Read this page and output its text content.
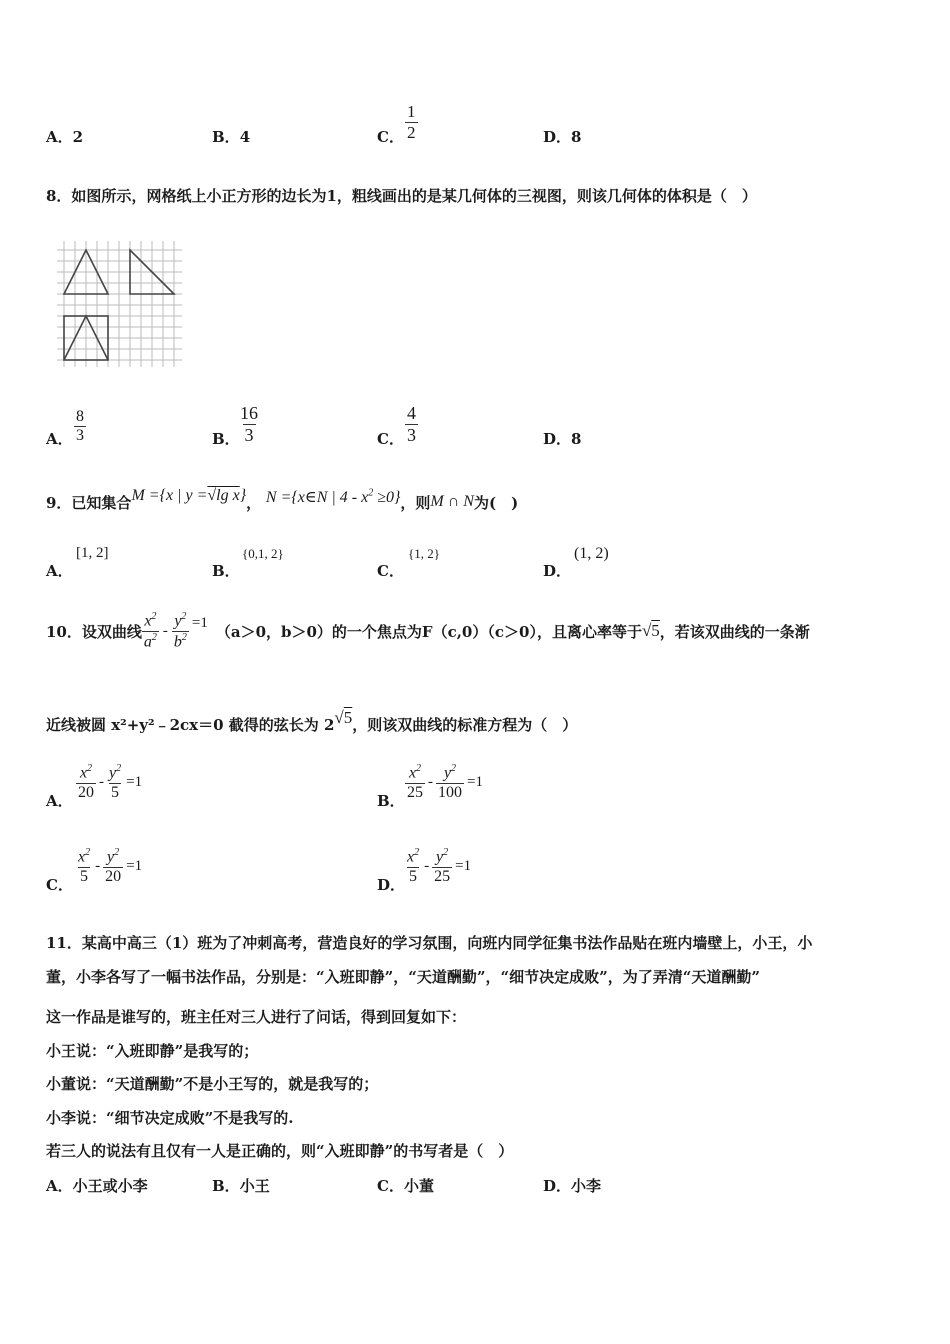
A．2	B．4	C． $\frac{1}{2}$	D．8
8．如图所示，网格纸上小正方形的边长为1，粗线画出的是某几何体的三视图，则该几何体的体积是（　）
A． $\frac{8}{3}$	B．
$\frac{16}{3}$	C． $\frac{4}{3}$	D．8
9．已知集合M ={x | y =√lg x}， N ={x∈N | $4 - x^2 \ge 0$}，则M ∩ N为(　)
A．
[1, 2]
B．
{0,1, 2}
C．
{1, 2}
D．
(1, 2)
10．设双曲线 $\frac{x^2}{a^2} - \frac{y^2}{b^2} =1$ （a＞0，b＞0）的一个焦点为F（c,0）（c＞0），且离心率等于 √5 ，若该双曲线的一条渐
近线被圆 x²+y²﹣2cx＝0 截得的弦长为 2 √5 ，则该双曲线的标准方程为（　）
A． $\frac{x^2}{20} - \frac{y^2}{5} =1$
B． $\frac{x^2}{25} - \frac{y^2}{100} =1$
C． $\frac{x^2}{5} - \frac{y^2}{20} =1$
D． $\frac{x^2}{5} - \frac{y^2}{25} =1$
11．某高中高三（1）班为了冲刺高考，营造良好的学习氛围，向班内同学征集书法作品贴在班内墙壁上，小王，小
董，小李各写了一幅书法作品，分别是：“入班即静”，“天道酬勤”，“细节决定成败”，为了弄清“天道酬勤”
这一作品是谁写的，班主任对三人进行了问话，得到回复如下：
小王说：“入班即静”是我写的；
小董说：“天道酬勤”不是小王写的，就是我写的；
小李说：“细节决定成败”不是我写的.
若三人的说法有且仅有一人是正确的，则“入班即静”的书写者是（　）
A．小王或小李	B．小王	C．小董	D．小李
